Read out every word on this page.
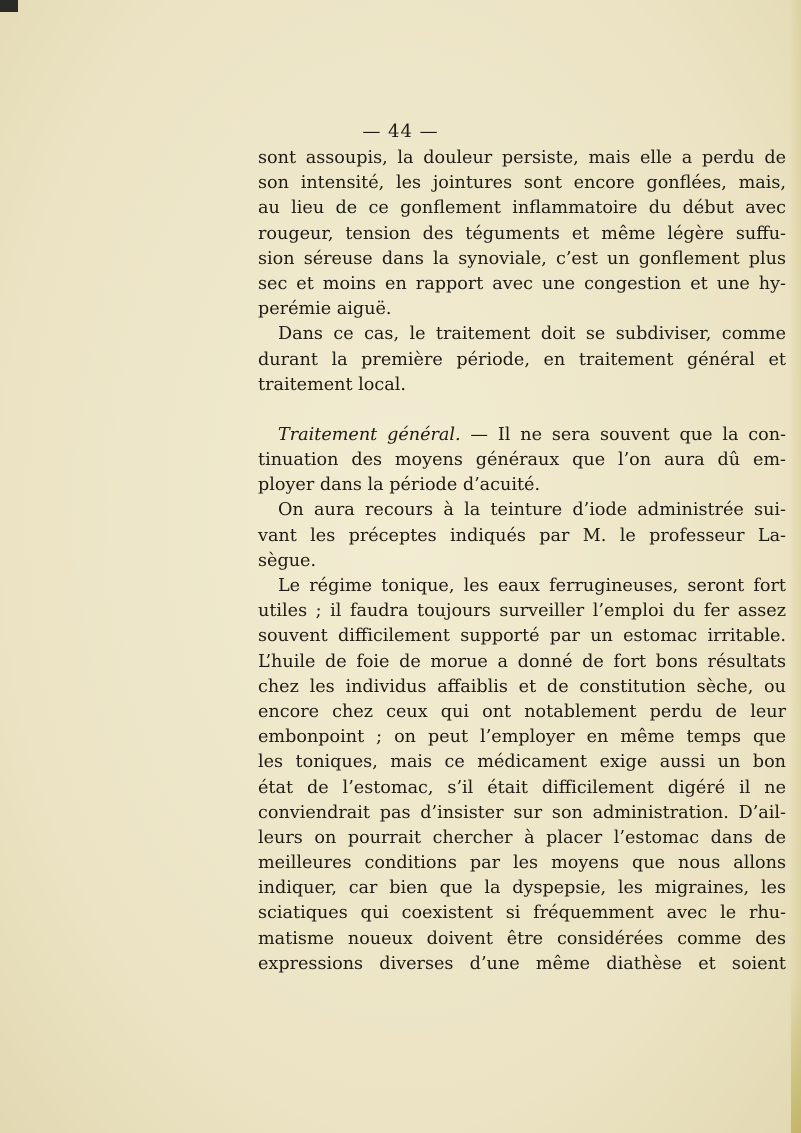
— 44 —
sont assoupis, la douleur persiste, mais elle a perdu de
son intensité, les jointures sont encore gonflées, mais,
au lieu de ce gonflement inflammatoire du début avec
rougeur, tension des téguments et même légère suffu-
sion séreuse dans la synoviale, c’est un gonflement plus
sec et moins en rapport avec une congestion et une hy-
perémie aiguë.
Dans ce cas, le traitement doit se subdiviser, comme
durant la première période, en traitement général et
traitement local.
Traitement général. — Il ne sera souvent que la con-
tinuation des moyens généraux que l’on aura dû em-
ployer dans la période d’acuité.
On aura recours à la teinture d’iode administrée sui-
vant les préceptes indiqués par M. le professeur La-
sègue.
Le régime tonique, les eaux ferrugineuses, seront fort
utiles ; il faudra toujours surveiller l’emploi du fer assez
souvent difficilement supporté par un estomac irritable.
L’huile de foie de morue a donné de fort bons résultats
chez les individus affaiblis et de constitution sèche, ou
encore chez ceux qui ont notablement perdu de leur
embonpoint ; on peut l’employer en même temps que
les toniques, mais ce médicament exige aussi un bon
état de l’estomac, s’il était difficilement digéré il ne
conviendrait pas d’insister sur son administration. D’ail-
leurs on pourrait chercher à placer l’estomac dans de
meilleures conditions par les moyens que nous allons
indiquer, car bien que la dyspepsie, les migraines, les
sciatiques qui coexistent si fréquemment avec le rhu-
matisme noueux doivent être considérées comme des
expressions diverses d’une même diathèse et soient
